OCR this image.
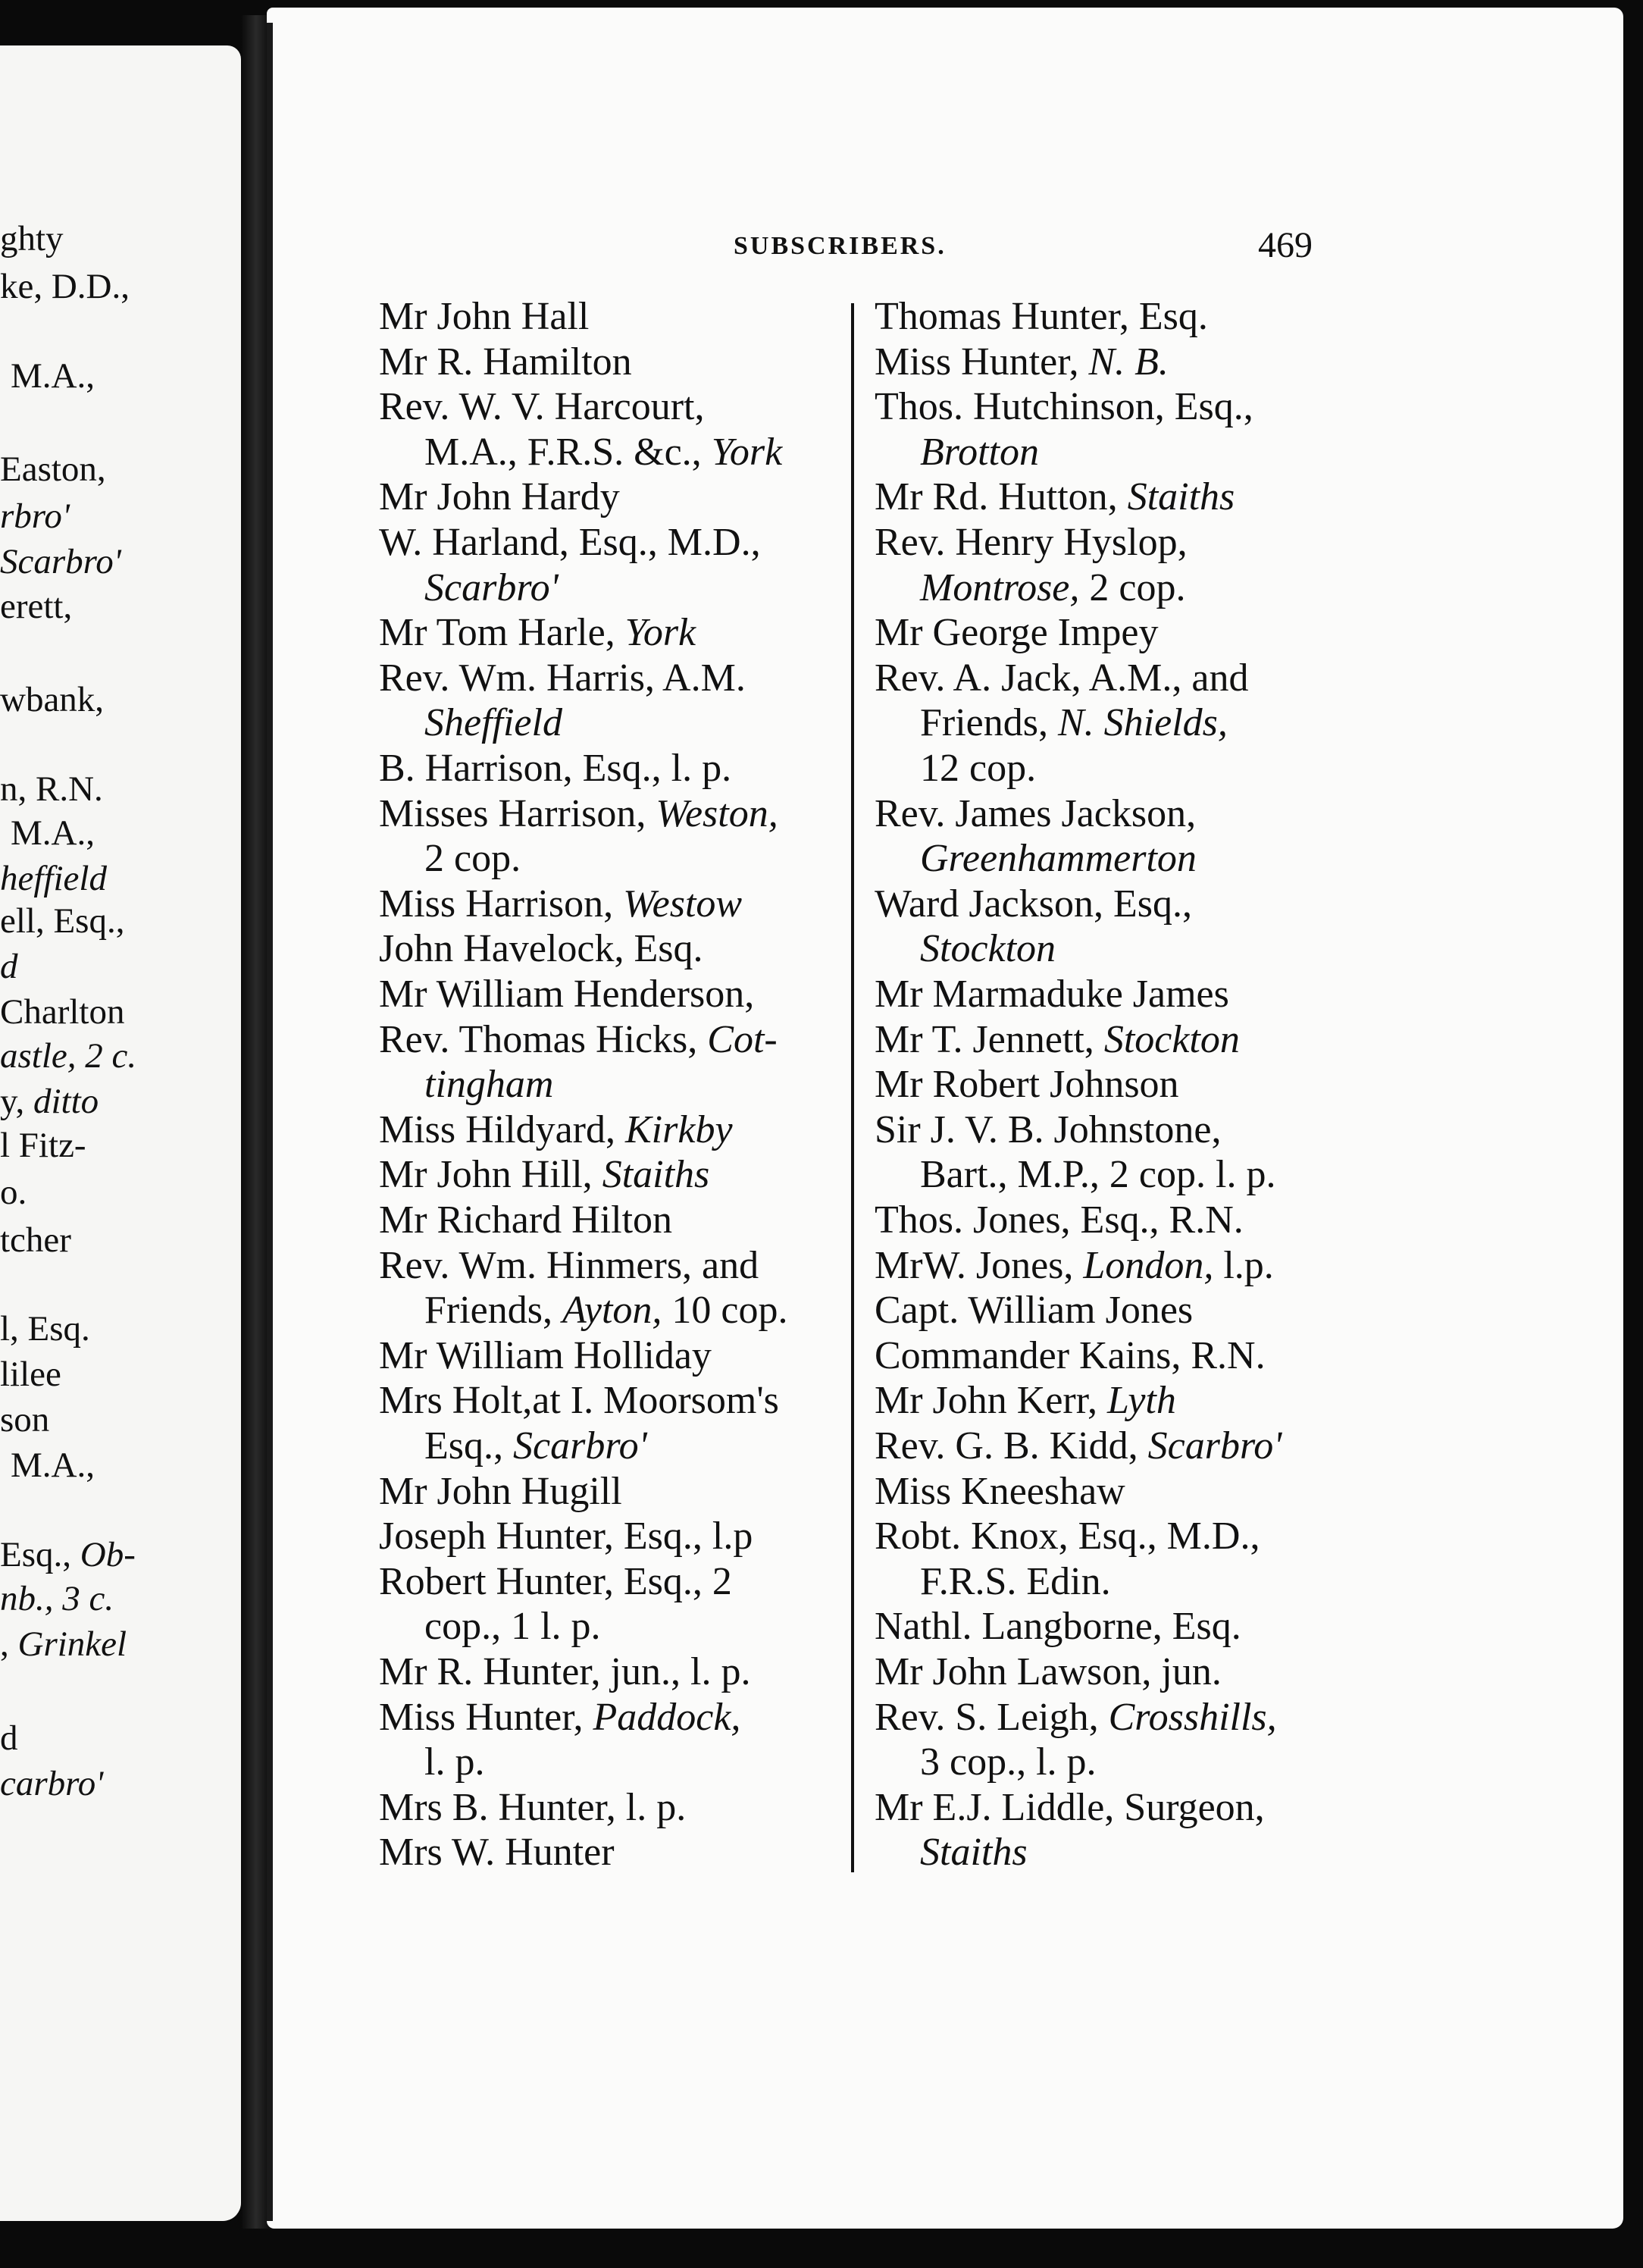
ghty
ke, D.D.,
M.A.,
Easton,
rbro'
Scarbro'
erett,
wbank,
n, R.N.
M.A.,
heffield
ell, Esq.,
d
Charlton
astle, 2 c.
y, ditto
l Fitz-
o.
tcher
l, Esq.
lilee
son
M.A.,
Esq., Ob-
nb., 3 c.
, Grinkel
d
carbro'
SUBSCRIBERS.	469
Mr John Hall
Mr R. Hamilton
Rev. W. V. Harcourt,
M.A., F.R.S. &c., York
Mr John Hardy
W. Harland, Esq., M.D.,
Scarbro'
Mr Tom Harle, York
Rev. Wm. Harris, A.M.
Sheffield
B. Harrison, Esq., l. p.
Misses Harrison, Weston,
2 cop.
Miss Harrison, Westow
John Havelock, Esq.
Mr William Henderson,
Rev. Thomas Hicks, Cot-
tingham
Miss Hildyard, Kirkby
Mr John Hill, Staiths
Mr Richard Hilton
Rev. Wm. Hinmers, and
Friends, Ayton, 10 cop.
Mr William Holliday
Mrs Holt,at I. Moorsom's
Esq., Scarbro'
Mr John Hugill
Joseph Hunter, Esq., l.p
Robert Hunter, Esq., 2
cop., 1 l. p.
Mr R. Hunter, jun., l. p.
Miss Hunter, Paddock,
l. p.
Mrs B. Hunter, l. p.
Mrs W. Hunter
Thomas Hunter, Esq.
Miss Hunter, N. B.
Thos. Hutchinson, Esq.,
Brotton
Mr Rd. Hutton, Staiths
Rev. Henry Hyslop,
Montrose, 2 cop.
Mr George Impey
Rev. A. Jack, A.M., and
Friends, N. Shields,
12 cop.
Rev. James Jackson,
Greenhammerton
Ward Jackson, Esq.,
Stockton
Mr Marmaduke James
Mr T. Jennett, Stockton
Mr Robert Johnson
Sir J. V. B. Johnstone,
Bart., M.P., 2 cop. l. p.
Thos. Jones, Esq., R.N.
MrW. Jones, London, l.p.
Capt. William Jones
Commander Kains, R.N.
Mr John Kerr, Lyth
Rev. G. B. Kidd, Scarbro'
Miss Kneeshaw
Robt. Knox, Esq., M.D.,
F.R.S. Edin.
Nathl. Langborne, Esq.
Mr John Lawson, jun.
Rev. S. Leigh, Crosshills,
3 cop., l. p.
Mr E.J. Liddle, Surgeon,
Staiths
